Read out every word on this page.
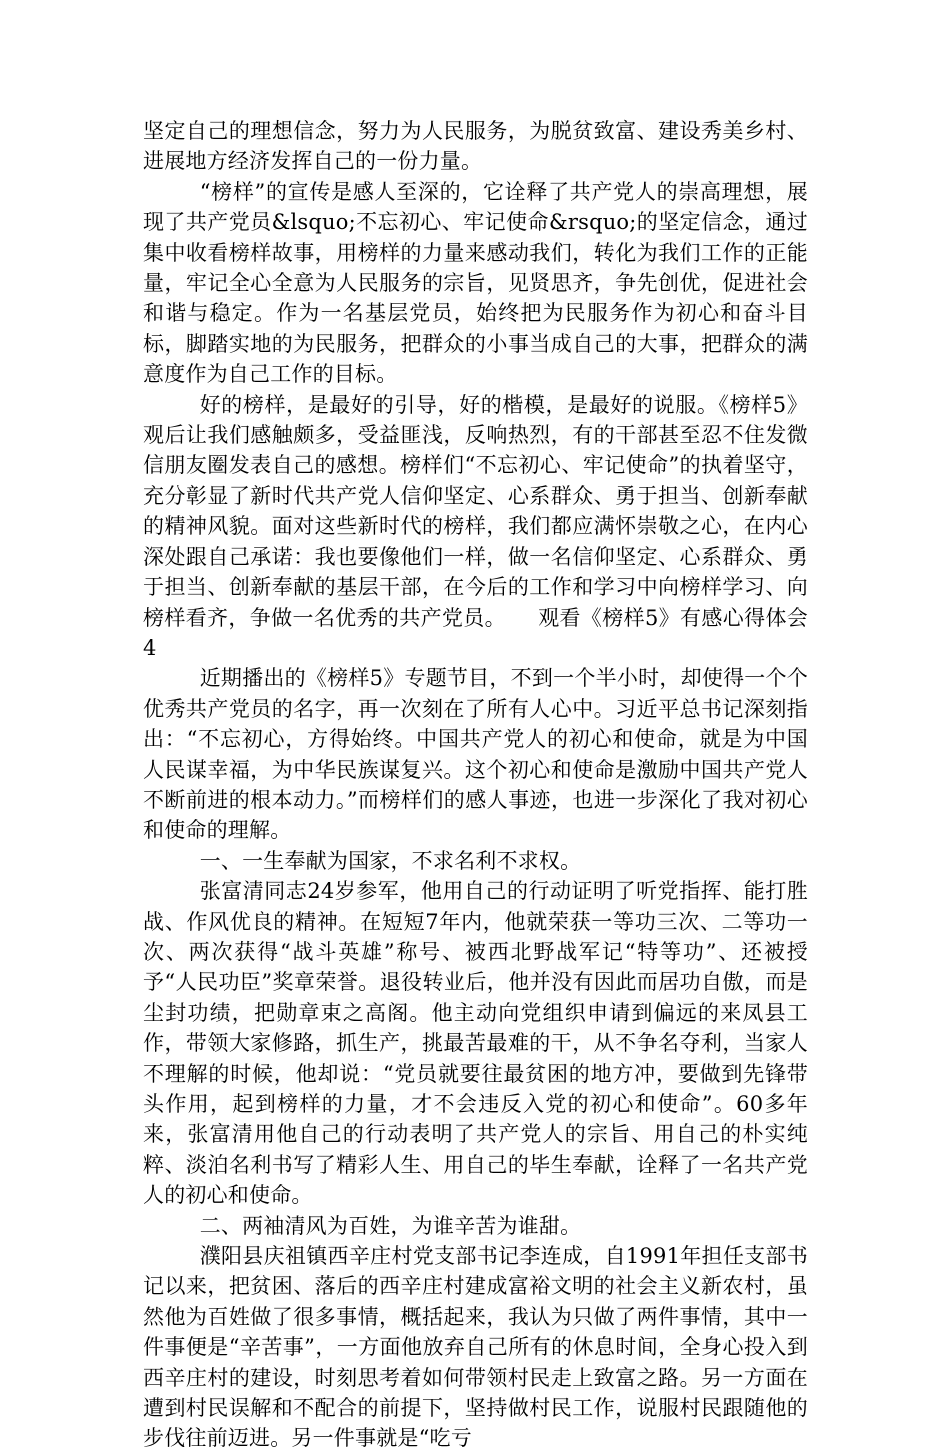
坚定自己的理想信念，努力为人民服务，为脱贫致富、建设秀美乡村、进展地方经济发挥自己的一份力量。

“榜样”的宣传是感人至深的，它诠释了共产党人的崇高理想，展现了共产党员&lsquo;不忘初心、牢记使命&rsquo;的坚定信念，通过集中收看榜样故事，用榜样的力量来感动我们，转化为我们工作的正能量，牢记全心全意为人民服务的宗旨，见贤思齐，争先创优，促进社会和谐与稳定。作为一名基层党员，始终把为民服务作为初心和奋斗目标，脚踏实地的为民服务，把群众的小事当成自己的大事，把群众的满意度作为自己工作的目标。

好的榜样，是最好的引导，好的楷模，是最好的说服。《榜样5》观后让我们感触颇多，受益匪浅，反响热烈，有的干部甚至忍不住发微信朋友圈发表自己的感想。榜样们“不忘初心、牢记使命”的执着坚守，充分彰显了新时代共产党人信仰坚定、心系群众、勇于担当、创新奉献的精神风貌。面对这些新时代的榜样，我们都应满怀崇敬之心，在内心深处跟自己承诺：我也要像他们一样，做一名信仰坚定、心系群众、勇于担当、创新奉献的基层干部，在今后的工作和学习中向榜样学习、向榜样看齐，争做一名优秀的共产党员。　　观看《榜样5》有感心得体会4

近期播出的《榜样5》专题节目，不到一个半小时，却使得一个个优秀共产党员的名字，再一次刻在了所有人心中。习近平总书记深刻指出：“不忘初心，方得始终。中国共产党人的初心和使命，就是为中国人民谋幸福，为中华民族谋复兴。这个初心和使命是激励中国共产党人不断前进的根本动力。”而榜样们的感人事迹，也进一步深化了我对初心和使命的理解。

一、一生奉献为国家，不求名利不求权。

张富清同志24岁参军，他用自己的行动证明了听党指挥、能打胜战、作风优良的精神。在短短7年内，他就荣获一等功三次、二等功一次、两次获得“战斗英雄”称号、被西北野战军记“特等功”、还被授予“人民功臣”奖章荣誉。退役转业后，他并没有因此而居功自傲，而是尘封功绩，把勋章束之高阁。他主动向党组织申请到偏远的来凤县工作，带领大家修路，抓生产，挑最苦最难的干，从不争名夺利，当家人不理解的时候，他却说：“党员就要往最贫困的地方冲，要做到先锋带头作用，起到榜样的力量，才不会违反入党的初心和使命”。60多年来，张富清用他自己的行动表明了共产党人的宗旨、用自己的朴实纯粹、淡泊名利书写了精彩人生、用自己的毕生奉献，诠释了一名共产党人的初心和使命。

二、两袖清风为百姓，为谁辛苦为谁甜。

濮阳县庆祖镇西辛庄村党支部书记李连成，自1991年担任支部书记以来，把贫困、落后的西辛庄村建成富裕文明的社会主义新农村，虽然他为百姓做了很多事情，概括起来，我认为只做了两件事情，其中一件事便是“辛苦事”，一方面他放弃自己所有的休息时间，全身心投入到西辛庄村的建设，时刻思考着如何带领村民走上致富之路。另一方面在遭到村民误解和不配合的前提下，坚持做村民工作，说服村民跟随他的步伐往前迈进。另一件事就是“吃亏
